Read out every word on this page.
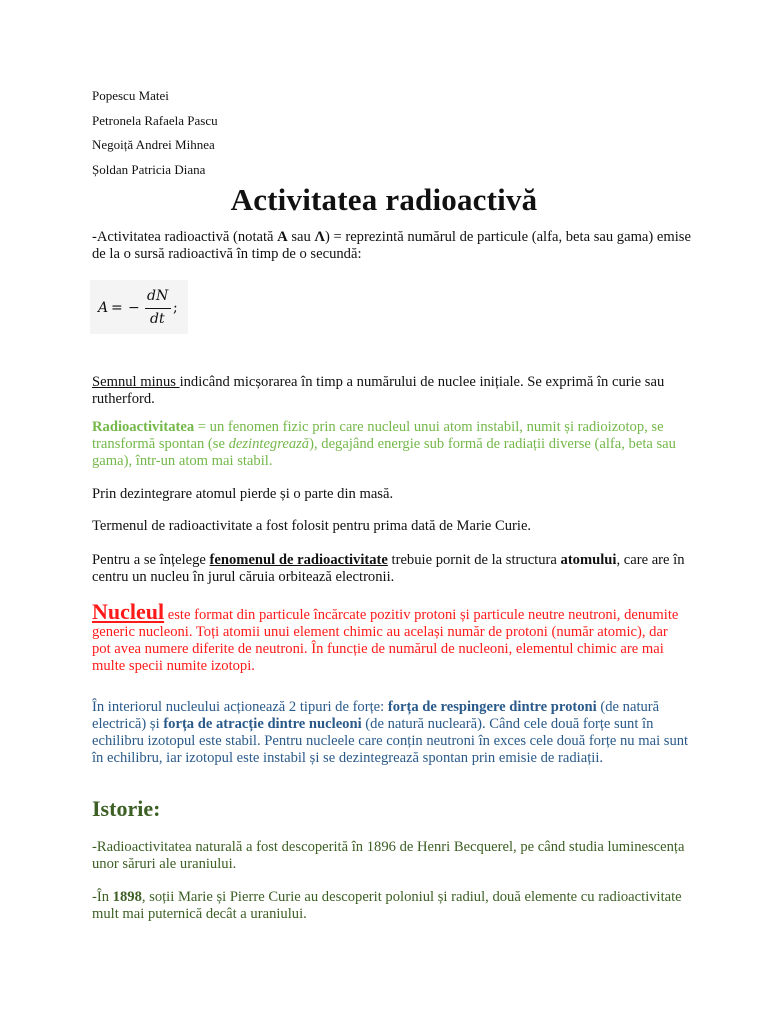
Popescu Matei
Petronela Rafaela Pascu
Negoiță Andrei Mihnea
Șoldan Patricia Diana
Activitatea radioactivă
-Activitatea radioactivă (notată A sau Λ) = reprezintă numărul de particule (alfa, beta sau gama) emise de la o sursă radioactivă în timp de o secundă:
A = −
dN
dt
;
Semnul minus indicând micșorarea în timp a numărului de nuclee inițiale. Se exprimă în curie sau rutherford.
Radioactivitatea = un fenomen fizic prin care nucleul unui atom instabil, numit și radioizotop, se transformă spontan (se dezintegrează), degajând energie sub formă de radiații diverse (alfa, beta sau gama), într-un atom mai stabil.
Prin dezintegrare atomul pierde și o parte din masă.
Termenul de radioactivitate a fost folosit pentru prima dată de Marie Curie.
Pentru a se înțelege fenomenul de radioactivitate trebuie pornit de la structura atomului, care are în centru un nucleu în jurul căruia orbitează electronii.
Nucleul este format din particule încărcate pozitiv protoni și particule neutre neutroni, denumite generic nucleoni. Toți atomii unui element chimic au același număr de protoni (număr atomic), dar pot avea numere diferite de neutroni. În funcție de numărul de nucleoni, elementul chimic are mai multe specii numite izotopi.
În interiorul nucleului acționează 2 tipuri de forțe: forța de respingere dintre protoni (de natură electrică) și forța de atracție dintre nucleoni (de natură nucleară). Când cele două forțe sunt în echilibru izotopul este stabil. Pentru nucleele care conțin neutroni în exces cele două forțe nu mai sunt în echilibru, iar izotopul este instabil și se dezintegrează spontan prin emisie de radiații.
Istorie:
-Radioactivitatea naturală a fost descoperită în 1896 de Henri Becquerel, pe când studia luminescența unor săruri ale uraniului.
-În 1898, soții Marie și Pierre Curie au descoperit poloniul și radiul, două elemente cu radioactivitate mult mai puternică decât a uraniului.
